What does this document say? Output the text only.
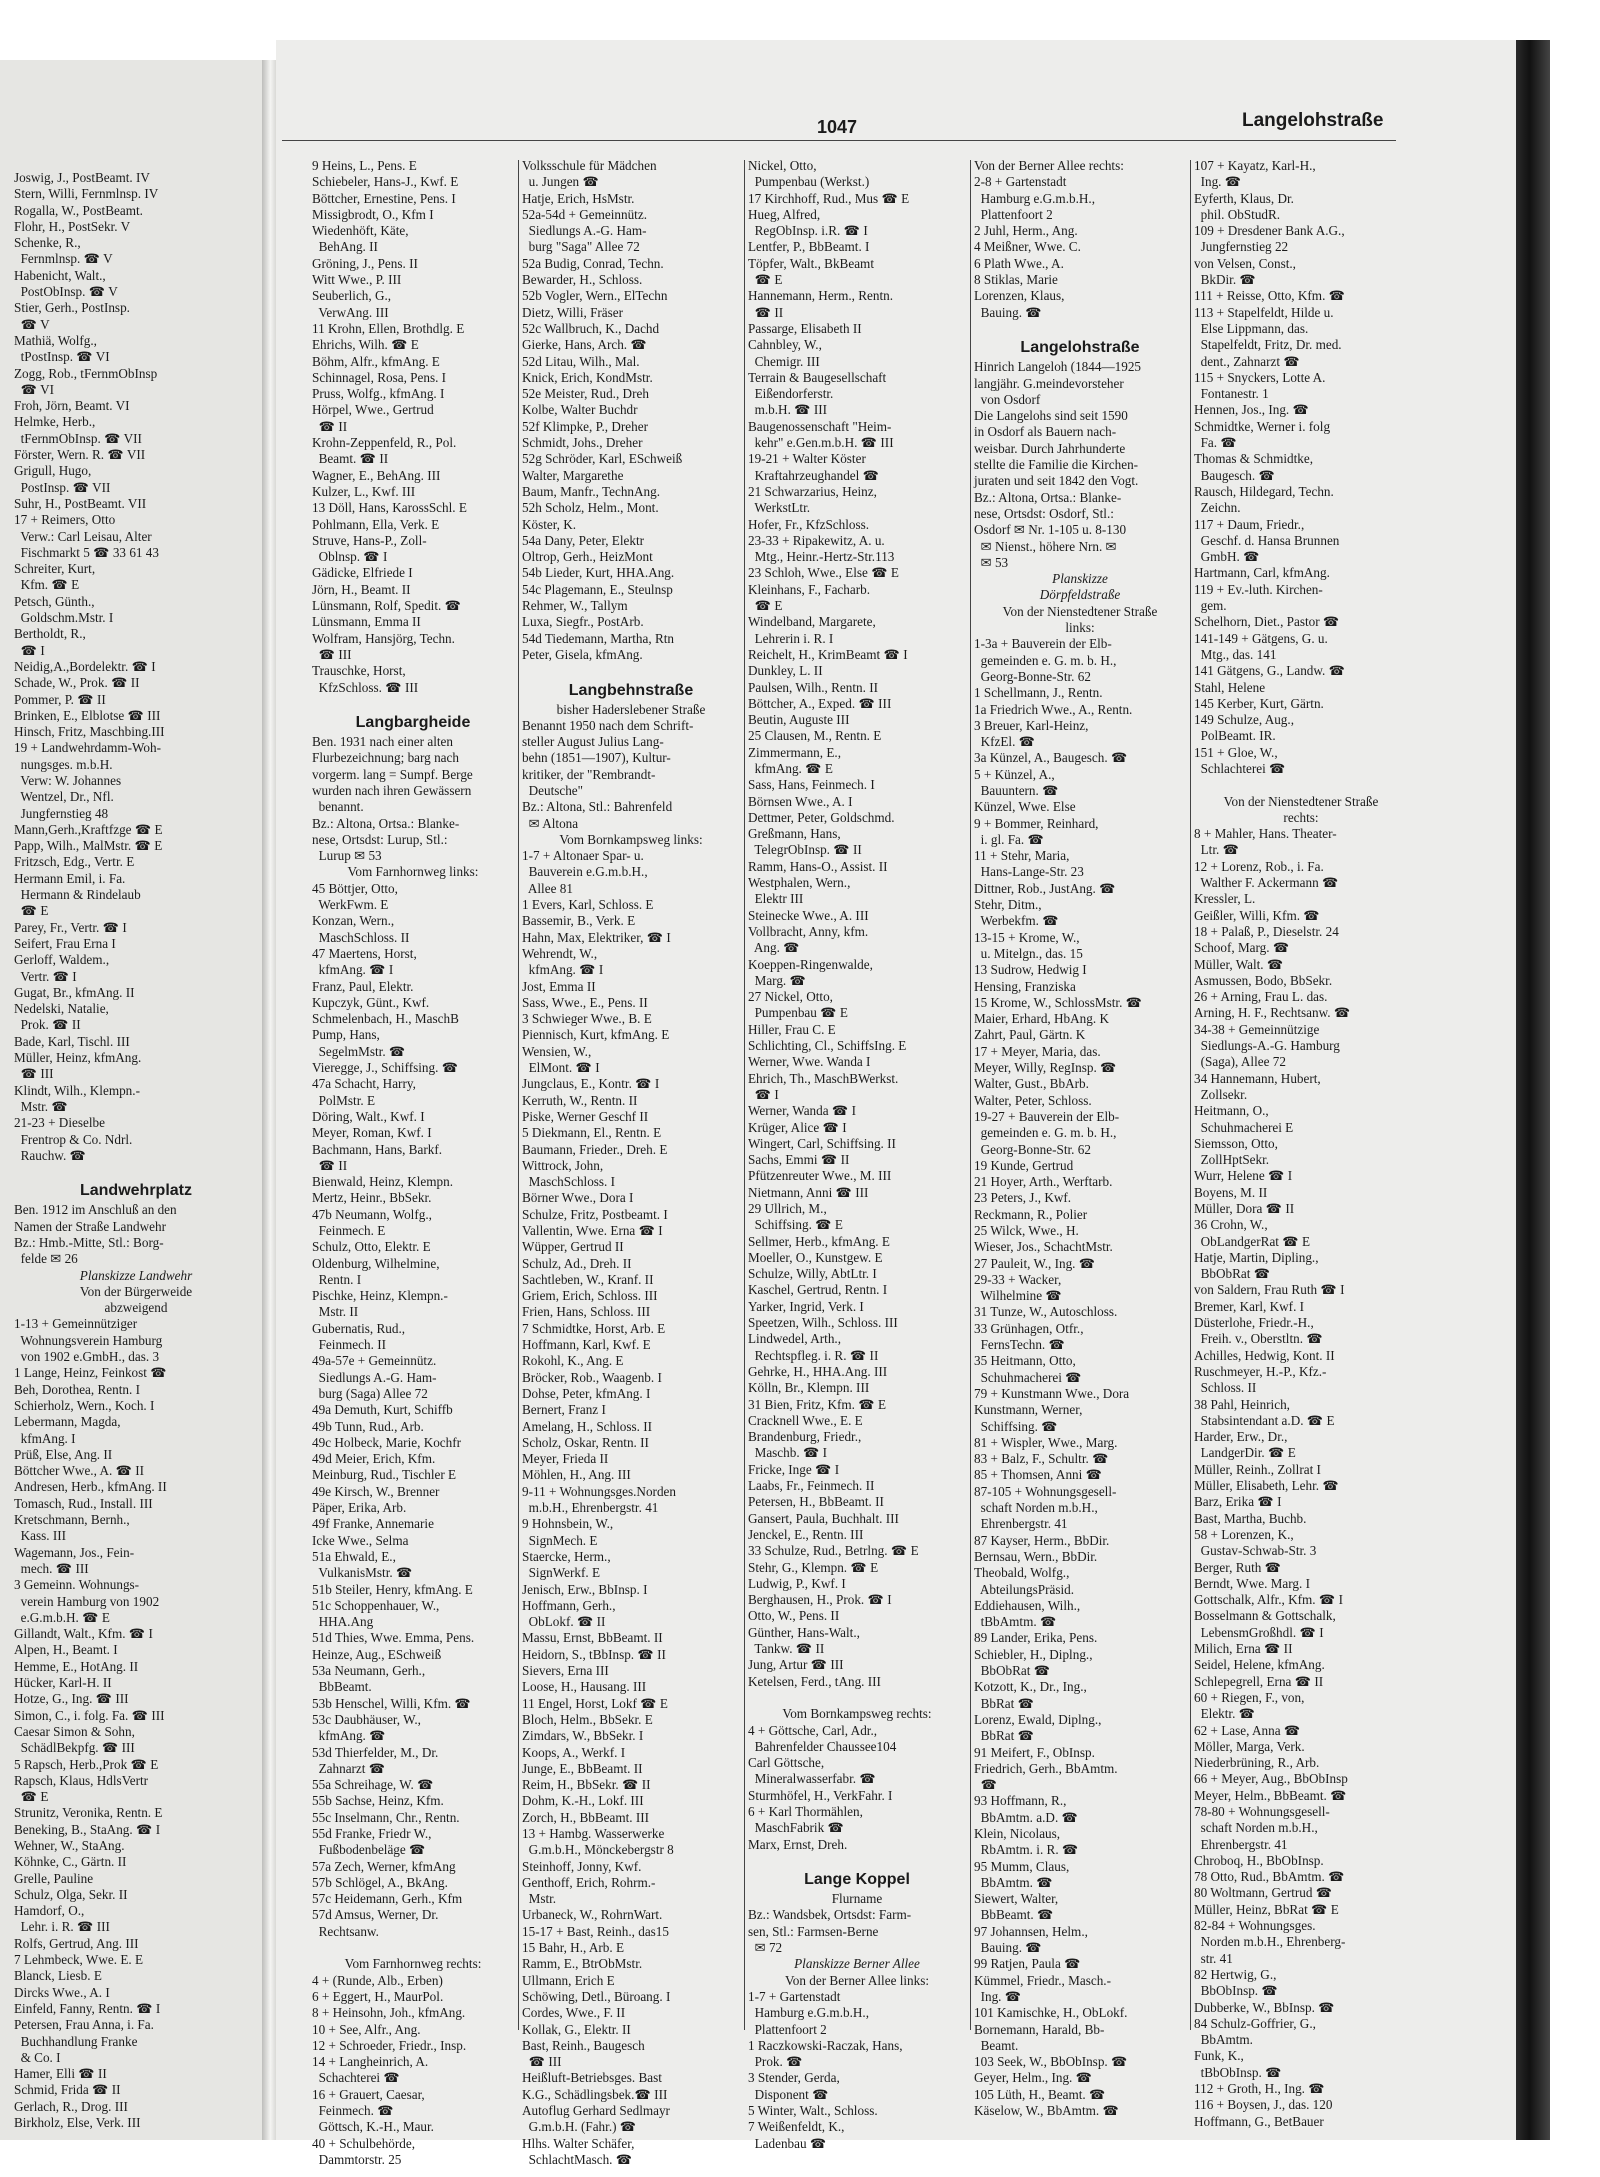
1047	Langelohstraße
Joswig, J., PostBeamt. IV
Stern, Willi, Fernmlnsp. IV
Rogalla, W., PostBeamt.
Flohr, H., PostSekr. V
Schenke, R.,
Fernmlnsp. ☎ V
Habenicht, Walt.,
PostObInsp. ☎ V
Stier, Gerh., PostInsp.
☎ V
Mathiä, Wolfg.,
tPostInsp. ☎ VI
Zogg, Rob., tFernmObInsp
☎ VI
Froh, Jörn, Beamt. VI
Helmke, Herb.,
tFernmObInsp. ☎ VII
Förster, Wern. R. ☎ VII
Grigull, Hugo,
PostInsp. ☎ VII
Suhr, H., PostBeamt. VII
17 + Reimers, Otto
Verw.: Carl Leisau, Alter
Fischmarkt 5 ☎ 33 61 43
Schreiter, Kurt,
Kfm. ☎ E
Petsch, Günth.,
Goldschm.Mstr. I
Bertholdt, R.,
☎ I
Neidig,A.,Bordelektr. ☎ I
Schade, W., Prok. ☎ II
Pommer, P. ☎ II
Brinken, E., Elblotse ☎ III
Hinsch, Fritz, Maschbing.III
19 + Landwehrdamm-Woh-
nungsges. m.b.H.
Verw: W. Johannes
Wentzel, Dr., Nfl.
Jungfernstieg 48
Mann,Gerh.,Kraftfzge ☎ E
Papp, Wilh., MalMstr. ☎ E
Fritzsch, Edg., Vertr. E
Hermann Emil, i. Fa.
Hermann & Rindelaub
☎ E
Parey, Fr., Vertr. ☎ I
Seifert, Frau Erna I
Gerloff, Waldem.,
Vertr. ☎ I
Gugat, Br., kfmAng. II
Nedelski, Natalie,
Prok. ☎ II
Bade, Karl, Tischl. III
Müller, Heinz, kfmAng.
☎ III
Klindt, Wilh., Klempn.-
Mstr. ☎
21-23 + Dieselbe
Frentrop & Co. Ndrl.
Rauchw. ☎
Landwehrplatz
Ben. 1912 im Anschluß an den
Namen der Straße Landwehr
Bz.: Hmb.-Mitte, Stl.: Borg-
felde ✉ 26
Planskizze Landwehr
Von der Bürgerweide
abzweigend
1-13 + Gemeinnütziger
Wohnungsverein Hamburg
von 1902 e.GmbH., das. 3
1 Lange, Heinz, Feinkost ☎
Beh, Dorothea, Rentn. I
Schierholz, Wern., Koch. I
Lebermann, Magda,
kfmAng. I
Prüß, Else, Ang. II
Böttcher Wwe., A. ☎ II
Andresen, Herb., kfmAng. II
Tomasch, Rud., Install. III
Kretschmann, Bernh.,
Kass. III
Wagemann, Jos., Fein-
mech. ☎ III
3 Gemeinn. Wohnungs-
verein Hamburg von 1902
e.G.m.b.H. ☎ E
Gillandt, Walt., Kfm. ☎ I
Alpen, H., Beamt. I
Hemme, E., HotAng. II
Hücker, Karl-H. II
Hotze, G., Ing. ☎ III
Simon, C., i. folg. Fa. ☎ III
Caesar Simon & Sohn,
SchädlBekpfg. ☎ III
5 Rapsch, Herb.,Prok ☎ E
Rapsch, Klaus, HdlsVertr
☎ E
Strunitz, Veronika, Rentn. E
Beneking, B., StaAng. ☎ I
Wehner, W., StaAng.
Köhnke, C., Gärtn. II
Grelle, Pauline
Schulz, Olga, Sekr. II
Hamdorf, O.,
Lehr. i. R. ☎ III
Rolfs, Gertrud, Ang. III
7 Lehmbeck, Wwe. E. E
Blanck, Liesb. E
Dircks Wwe., A. I
Einfeld, Fanny, Rentn. ☎ I
Petersen, Frau Anna, i. Fa.
Buchhandlung Franke
& Co. I
Hamer, Elli ☎ II
Schmid, Frida ☎ II
Gerlach, R., Drog. III
Birkholz, Else, Verk. III
9 Heins, L., Pens. E
Schiebeler, Hans-J., Kwf. E
Böttcher, Ernestine, Pens. I
Missigbrodt, O., Kfm I
Wiedenhöft, Käte,
BehAng. II
Gröning, J., Pens. II
Witt Wwe., P. III
Seuberlich, G.,
VerwAng. III
11 Krohn, Ellen, Brothdlg. E
Ehrichs, Wilh. ☎ E
Böhm, Alfr., kfmAng. E
Schinnagel, Rosa, Pens. I
Pruss, Wolfg., kfmAng. I
Hörpel, Wwe., Gertrud
☎ II
Krohn-Zeppenfeld, R., Pol.
Beamt. ☎ II
Wagner, E., BehAng. III
Kulzer, L., Kwf. III
13 Döll, Hans, KarossSchl. E
Pohlmann, Ella, Verk. E
Struve, Hans-P., Zoll-
Oblnsp. ☎ I
Gädicke, Elfriede I
Jörn, H., Beamt. II
Lünsmann, Rolf, Spedit. ☎
Lünsmann, Emma II
Wolfram, Hansjörg, Techn.
☎ III
Trauschke, Horst,
KfzSchloss. ☎ III
Langbargheide
Ben. 1931 nach einer alten
Flurbezeichnung; barg nach
vorgerm. lang = Sumpf. Berge
wurden nach ihren Gewässern
benannt.
Bz.: Altona, Ortsa.: Blanke-
nese, Ortsdst: Lurup, Stl.:
Lurup ✉ 53
Vom Farnhornweg links:
45 Böttjer, Otto,
WerkFwm. E
Konzan, Wern.,
MaschSchloss. II
47 Maertens, Horst,
kfmAng. ☎ I
Franz, Paul, Elektr.
Kupczyk, Günt., Kwf.
Schmelenbach, H., MaschB
Pump, Hans,
SegelmMstr. ☎
Vieregge, J., Schiffsing. ☎
47a Schacht, Harry,
PolMstr. E
Döring, Walt., Kwf. I
Meyer, Roman, Kwf. I
Bachmann, Hans, Barkf.
☎ II
Bienwald, Heinz, Klempn.
Mertz, Heinr., BbSekr.
47b Neumann, Wolfg.,
Feinmech. E
Schulz, Otto, Elektr. E
Oldenburg, Wilhelmine,
Rentn. I
Pischke, Heinz, Klempn.-
Mstr. II
Gubernatis, Rud.,
Feinmech. II
49a-57e + Gemeinnütz.
Siedlungs A.-G. Ham-
burg (Saga) Allee 72
49a Demuth, Kurt, Schiffb
49b Tunn, Rud., Arb.
49c Holbeck, Marie, Kochfr
49d Meier, Erich, Kfm.
Meinburg, Rud., Tischler E
49e Kirsch, W., Brenner
Päper, Erika, Arb.
49f Franke, Annemarie
Icke Wwe., Selma
51a Ehwald, E.,
VulkanisMstr. ☎
51b Steiler, Henry, kfmAng. E
51c Schoppenhauer, W.,
HHA.Ang
51d Thies, Wwe. Emma, Pens.
Heinze, Aug., ESchweiß
53a Neumann, Gerh.,
BbBeamt.
53b Henschel, Willi, Kfm. ☎
53c Daubhäuser, W.,
kfmAng. ☎
53d Thierfelder, M., Dr.
Zahnarzt ☎
55a Schreihage, W. ☎
55b Sachse, Heinz, Kfm.
55c Inselmann, Chr., Rentn.
55d Franke, Friedr W.,
Fußbodenbeläge ☎
57a Zech, Werner, kfmAng
57b Schlögel, A., BkAng.
57c Heidemann, Gerh., Kfm
57d Amsus, Werner, Dr.
Rechtsanw.
Vom Farnhornweg rechts:
4 + (Runde, Alb., Erben)
6 + Eggert, H., MaurPol.
8 + Heinsohn, Joh., kfmAng.
10 + See, Alfr., Ang.
12 + Schroeder, Friedr., Insp.
14 + Langheinrich, A.
Schachterei ☎
16 + Grauert, Caesar,
Feinmech. ☎
Göttsch, K.-H., Maur.
40 + Schulbehörde,
Dammtorstr. 25
Volksschule für Mädchen
u. Jungen ☎
Hatje, Erich, HsMstr.
52a-54d + Gemeinnütz.
Siedlungs A.-G. Ham-
burg "Saga" Allee 72
52a Budig, Conrad, Techn.
Bewarder, H., Schloss.
52b Vogler, Wern., ElTechn
Dietz, Willi, Fräser
52c Wallbruch, K., Dachd
Gierke, Hans, Arch. ☎
52d Litau, Wilh., Mal.
Knick, Erich, KondMstr.
52e Meister, Rud., Dreh
Kolbe, Walter Buchdr
52f Klimpke, P., Dreher
Schmidt, Johs., Dreher
52g Schröder, Karl, ESchweiß
Walter, Margarethe
Baum, Manfr., TechnAng.
52h Scholz, Helm., Mont.
Köster, K.
54a Dany, Peter, Elektr
Oltrop, Gerh., HeizMont
54b Lieder, Kurt, HHA.Ang.
54c Plagemann, E., Steulnsp
Rehmer, W., Tallym
Luxa, Siegfr., PostArb.
54d Tiedemann, Martha, Rtn
Peter, Gisela, kfmAng.
Langbehnstraße
bisher Haderslebener Straße
Benannt 1950 nach dem Schrift-
steller August Julius Lang-
behn (1851—1907), Kultur-
kritiker, der "Rembrandt-
Deutsche"
Bz.: Altona, Stl.: Bahrenfeld
✉ Altona
Vom Bornkampsweg links:
1-7 + Altonaer Spar- u.
Bauverein e.G.m.b.H.,
Allee 81
1 Evers, Karl, Schloss. E
Bassemir, B., Verk. E
Hahn, Max, Elektriker, ☎ I
Wehrendt, W.,
kfmAng. ☎ I
Jost, Emma II
Sass, Wwe., E., Pens. II
3 Schwieger Wwe., B. E
Piennisch, Kurt, kfmAng. E
Wensien, W.,
ElMont. ☎ I
Jungclaus, E., Kontr. ☎ I
Kerruth, W., Rentn. II
Piske, Werner Geschf II
5 Diekmann, El., Rentn. E
Baumann, Frieder., Dreh. E
Wittrock, John,
MaschSchloss. I
Börner Wwe., Dora I
Schulze, Fritz, Postbeamt. I
Vallentin, Wwe. Erna ☎ I
Wüpper, Gertrud II
Schulz, Ad., Dreh. II
Sachtleben, W., Kranf. II
Griem, Erich, Schloss. III
Frien, Hans, Schloss. III
7 Schmidtke, Horst, Arb. E
Hoffmann, Karl, Kwf. E
Rokohl, K., Ang. E
Bröcker, Rob., Waagenb. I
Dohse, Peter, kfmAng. I
Bernert, Franz I
Amelang, H., Schloss. II
Scholz, Oskar, Rentn. II
Meyer, Frieda II
Möhlen, H., Ang. III
9-11 + Wohnungsges.Norden
m.b.H., Ehrenbergstr. 41
9 Hohnsbein, W.,
SignMech. E
Staercke, Herm.,
SignWerkf. E
Jenisch, Erw., BbInsp. I
Hoffmann, Gerh.,
ObLokf. ☎ II
Massu, Ernst, BbBeamt. II
Heidorn, S., tBbInsp. ☎ II
Sievers, Erna III
Loose, H., Hausang. III
11 Engel, Horst, Lokf ☎ E
Bloch, Helm., BbSekr. E
Zimdars, W., BbSekr. I
Koops, A., Werkf. I
Junge, E., BbBeamt. II
Reim, H., BbSekr. ☎ II
Dohm, K.-H., Lokf. III
Zorch, H., BbBeamt. III
13 + Hambg. Wasserwerke
G.m.b.H., Mönckebergstr 8
Steinhoff, Jonny, Kwf.
Genthoff, Erich, Rohrm.-
Mstr.
Urbaneck, W., RohrnWart.
15-17 + Bast, Reinh., das15
15 Bahr, H., Arb. E
Ramm, E., BtrObMstr.
Ullmann, Erich E
Schöwing, Detl., Büroang. I
Cordes, Wwe., F. II
Kollak, G., Elektr. II
Bast, Reinh., Baugesch
☎ III
Heißluft-Betriebsges. Bast
K.G., Schädlingsbek.☎ III
Autoflug Gerhard Sedlmayr
G.m.b.H. (Fahr.) ☎
Hlhs. Walter Schäfer,
SchlachtMasch. ☎
Nickel, Otto,
Pumpenbau (Werkst.)
17 Kirchhoff, Rud., Mus ☎ E
Hueg, Alfred,
RegObInsp. i.R. ☎ I
Lentfer, P., BbBeamt. I
Töpfer, Walt., BkBeamt
☎ E
Hannemann, Herm., Rentn.
☎ II
Passarge, Elisabeth II
Cahnbley, W.,
Chemigr. III
Terrain & Baugesellschaft
Eißendorferstr.
m.b.H. ☎ III
Baugenossenschaft "Heim-
kehr" e.Gen.m.b.H. ☎ III
19-21 + Walter Köster
Kraftahrzeughandel ☎
21 Schwarzarius, Heinz,
WerkstLtr.
Hofer, Fr., KfzSchloss.
23-33 + Ripakewitz, A. u.
Mtg., Heinr.-Hertz-Str.113
23 Schloh, Wwe., Else ☎ E
Kleinhans, F., Facharb.
☎ E
Windelband, Margarete,
Lehrerin i. R. I
Reichelt, H., KrimBeamt ☎ I
Dunkley, L. II
Paulsen, Wilh., Rentn. II
Böttcher, A., Exped. ☎ III
Beutin, Auguste III
25 Clausen, M., Rentn. E
Zimmermann, E.,
kfmAng. ☎ E
Sass, Hans, Feinmech. I
Börnsen Wwe., A. I
Dettmer, Peter, Goldschmd.
Greßmann, Hans,
TelegrObInsp. ☎ II
Ramm, Hans-O., Assist. II
Westphalen, Wern.,
Elektr III
Steinecke Wwe., A. III
Vollbracht, Anny, kfm.
Ang. ☎
Koeppen-Ringenwalde,
Marg. ☎
27 Nickel, Otto,
Pumpenbau ☎ E
Hiller, Frau C. E
Schlichting, Cl., SchiffsIng. E
Werner, Wwe. Wanda I
Ehrich, Th., MaschBWerkst.
☎ I
Werner, Wanda ☎ I
Krüger, Alice ☎ I
Wingert, Carl, Schiffsing. II
Sachs, Emmi ☎ II
Pfützenreuter Wwe., M. III
Nietmann, Anni ☎ III
29 Ullrich, M.,
Schiffsing. ☎ E
Sellmer, Herb., kfmAng. E
Moeller, O., Kunstgew. E
Schulze, Willy, AbtLtr. I
Kaschel, Gertrud, Rentn. I
Yarker, Ingrid, Verk. I
Speetzen, Wilh., Schloss. III
Lindwedel, Arth.,
Rechtspfleg. i. R. ☎ II
Gehrke, H., HHA.Ang. III
Kölln, Br., Klempn. III
31 Bien, Fritz, Kfm. ☎ E
Cracknell Wwe., E. E
Brandenburg, Friedr.,
Maschb. ☎ I
Fricke, Inge ☎ I
Laabs, Fr., Feinmech. II
Petersen, H., BbBeamt. II
Gansert, Paula, Buchhalt. III
Jenckel, E., Rentn. III
33 Schulze, Rud., Betrlng. ☎ E
Stehr, G., Klempn. ☎ E
Ludwig, P., Kwf. I
Berghausen, H., Prok. ☎ I
Otto, W., Pens. II
Günther, Hans-Walt.,
Tankw. ☎ II
Jung, Artur ☎ III
Ketelsen, Ferd., tAng. III
Vom Bornkampsweg rechts:
4 + Göttsche, Carl, Adr.,
Bahrenfelder Chaussee104
Carl Göttsche,
Mineralwasserfabr. ☎
Sturmhöfel, H., VerkFahr. I
6 + Karl Thormählen,
MaschFabrik ☎
Marx, Ernst, Dreh.
Lange Koppel
Flurname
Bz.: Wandsbek, Ortsdst: Farm-
sen, Stl.: Farmsen-Berne
✉ 72
Planskizze Berner Allee
Von der Berner Allee links:
1-7 + Gartenstadt
Hamburg e.G.m.b.H.,
Plattenfoort 2
1 Raczkowski-Raczak, Hans,
Prok. ☎
3 Stender, Gerda,
Disponent ☎
5 Winter, Walt., Schloss.
7 Weißenfeldt, K.,
Ladenbau ☎
Von der Berner Allee rechts:
2-8 + Gartenstadt
Hamburg e.G.m.b.H.,
Plattenfoort 2
2 Juhl, Herm., Ang.
4 Meißner, Wwe. C.
6 Plath Wwe., A.
8 Stiklas, Marie
Lorenzen, Klaus,
Bauing. ☎
Langelohstraße
Hinrich Langeloh (1844—1925
langjähr. G.meindevorsteher
von Osdorf
Die Langelohs sind seit 1590
in Osdorf als Bauern nach-
weisbar. Durch Jahrhunderte
stellte die Familie die Kirchen-
juraten und seit 1842 den Vogt.
Bz.: Altona, Ortsa.: Blanke-
nese, Ortsdst: Osdorf, Stl.:
Osdorf ✉ Nr. 1-105 u. 8-130
✉ Nienst., höhere Nrn. ✉
✉ 53
Planskizze
Dörpfeldstraße
Von der Nienstedtener Straße
links:
1-3a + Bauverein der Elb-
gemeinden e. G. m. b. H.,
Georg-Bonne-Str. 62
1 Schellmann, J., Rentn.
1a Friedrich Wwe., A., Rentn.
3 Breuer, Karl-Heinz,
KfzEl. ☎
3a Künzel, A., Baugesch. ☎
5 + Künzel, A.,
Bauuntern. ☎
Künzel, Wwe. Else
9 + Bommer, Reinhard,
i. gl. Fa. ☎
11 + Stehr, Maria,
Hans-Lange-Str. 23
Dittner, Rob., JustAng. ☎
Stehr, Ditm.,
Werbekfm. ☎
13-15 + Krome, W.,
u. Mitelgn., das. 15
13 Sudrow, Hedwig I
Hensing, Franziska
15 Krome, W., SchlossMstr. ☎
Maier, Erhard, HbAng. K
Zahrt, Paul, Gärtn. K
17 + Meyer, Maria, das.
Meyer, Willy, RegInsp. ☎
Walter, Gust., BbArb.
Walter, Peter, Schloss.
19-27 + Bauverein der Elb-
gemeinden e. G. m. b. H.,
Georg-Bonne-Str. 62
19 Kunde, Gertrud
21 Hoyer, Arth., Werftarb.
23 Peters, J., Kwf.
Reckmann, R., Polier
25 Wilck, Wwe., H.
Wieser, Jos., SchachtMstr.
27 Pauleit, W., Ing. ☎
29-33 + Wacker,
Wilhelmine ☎
31 Tunze, W., Autoschloss.
33 Grünhagen, Otfr.,
FernsTechn. ☎
35 Heitmann, Otto,
Schuhmacherei ☎
79 + Kunstmann Wwe., Dora
Kunstmann, Werner,
Schiffsing. ☎
81 + Wispler, Wwe., Marg.
83 + Balz, F., Schultr. ☎
85 + Thomsen, Anni ☎
87-105 + Wohnungsgesell-
schaft Norden m.b.H.,
Ehrenbergstr. 41
87 Kayser, Herm., BbDir.
Bernsau, Wern., BbDir.
Theobald, Wolfg.,
AbteilungsPräsid.
Eddiehausen, Wilh.,
tBbAmtm. ☎
89 Lander, Erika, Pens.
Schiebler, H., Diplng.,
BbObRat ☎
Kotzott, K., Dr., Ing.,
BbRat ☎
Lorenz, Ewald, Diplng.,
BbRat ☎
91 Meifert, F., ObInsp.
Friedrich, Gerh., BbAmtm.
☎
93 Hoffmann, R.,
BbAmtm. a.D. ☎
Klein, Nicolaus,
RbAmtm. i. R. ☎
95 Mumm, Claus,
BbAmtm. ☎
Siewert, Walter,
BbBeamt. ☎
97 Johannsen, Helm.,
Bauing. ☎
99 Ratjen, Paula ☎
Kümmel, Friedr., Masch.-
Ing. ☎
101 Kamischke, H., ObLokf.
Bornemann, Harald, Bb-
Beamt.
103 Seek, W., BbObInsp. ☎
Geyer, Helm., Ing. ☎
105 Lüth, H., Beamt. ☎
Käselow, W., BbAmtm. ☎
107 + Kayatz, Karl-H.,
Ing. ☎
Eyferth, Klaus, Dr.
phil. ObStudR.
109 + Dresdener Bank A.G.,
Jungfernstieg 22
von Velsen, Const.,
BkDir. ☎
111 + Reisse, Otto, Kfm. ☎
113 + Stapelfeldt, Hilde u.
Else Lippmann, das.
Stapelfeldt, Fritz, Dr. med.
dent., Zahnarzt ☎
115 + Snyckers, Lotte A.
Fontanestr. 1
Hennen, Jos., Ing. ☎
Schmidtke, Werner i. folg
Fa. ☎
Thomas & Schmidtke,
Baugesch. ☎
Rausch, Hildegard, Techn.
Zeichn.
117 + Daum, Friedr.,
Geschf. d. Hansa Brunnen
GmbH. ☎
Hartmann, Carl, kfmAng.
119 + Ev.-luth. Kirchen-
gem.
Schelhorn, Diet., Pastor ☎
141-149 + Gätgens, G. u.
Mtg., das. 141
141 Gätgens, G., Landw. ☎
Stahl, Helene
145 Kerber, Kurt, Gärtn.
149 Schulze, Aug.,
PolBeamt. IR.
151 + Gloe, W.,
Schlachterei ☎
Von der Nienstedtener Straße
rechts:
8 + Mahler, Hans. Theater-
Ltr. ☎
12 + Lorenz, Rob., i. Fa.
Walther F. Ackermann ☎
Kressler, L.
Geißler, Willi, Kfm. ☎
18 + Palaß, P., Dieselstr. 24
Schoof, Marg. ☎
Müller, Walt. ☎
Asmussen, Bodo, BbSekr.
26 + Arning, Frau L. das.
Arning, H. F., Rechtsanw. ☎
34-38 + Gemeinnützige
Siedlungs-A.-G. Hamburg
(Saga), Allee 72
34 Hannemann, Hubert,
Zollsekr.
Heitmann, O.,
Schuhmacherei E
Siemsson, Otto,
ZollHptSekr.
Wurr, Helene ☎ I
Boyens, M. II
Müller, Dora ☎ II
36 Crohn, W.,
ObLandgerRat ☎ E
Hatje, Martin, Dipling.,
BbObRat ☎
von Saldern, Frau Ruth ☎ I
Bremer, Karl, Kwf. I
Düsterlohe, Friedr.-H.,
Freih. v., Oberstltn. ☎
Achilles, Hedwig, Kont. II
Ruschmeyer, H.-P., Kfz.-
Schloss. II
38 Pahl, Heinrich,
Stabsintendant a.D. ☎ E
Harder, Erw., Dr.,
LandgerDir. ☎ E
Müller, Reinh., Zollrat I
Müller, Elisabeth, Lehr. ☎
Barz, Erika ☎ I
Bast, Martha, Buchb.
58 + Lorenzen, K.,
Gustav-Schwab-Str. 3
Berger, Ruth ☎
Berndt, Wwe. Marg. I
Gottschalk, Alfr., Kfm. ☎ I
Bosselmann & Gottschalk,
LebensmGroßhdl. ☎ I
Milich, Erna ☎ II
Seidel, Helene, kfmAng.
Schlepegrell, Erna ☎ II
60 + Riegen, F., von,
Elektr. ☎
62 + Lase, Anna ☎
Möller, Marga, Verk.
Niederbrüning, R., Arb.
66 + Meyer, Aug., BbObInsp
Meyer, Helm., BbBeamt. ☎
78-80 + Wohnungsgesell-
schaft Norden m.b.H.,
Ehrenbergstr. 41
Chroboq, H., BbObInsp.
78 Otto, Rud., BbAmtm. ☎
80 Woltmann, Gertrud ☎
Müller, Heinz, BbRat ☎ E
82-84 + Wohnungsges.
Norden m.b.H., Ehrenberg-
str. 41
82 Hertwig, G.,
BbObInsp. ☎
Dubberke, W., BbInsp. ☎
84 Schulz-Goffrier, G.,
BbAmtm.
Funk, K.,
tBbObInsp. ☎
112 + Groth, H., Ing. ☎
116 + Boysen, J., das. 120
Hoffmann, G., BetBauer
